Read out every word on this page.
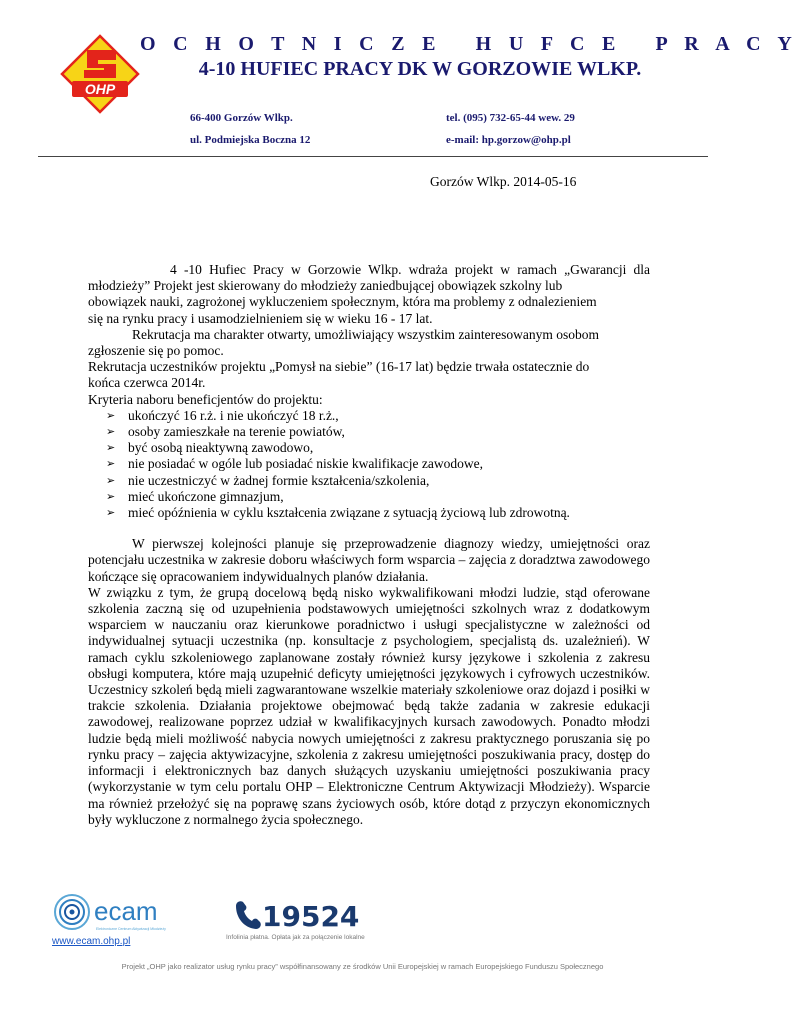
OHP
O C H O T N I C Z E   H U F C E   P R A C Y
4-10 HUFIEC PRACY DK W GORZOWIE WLKP.
66-400 Gorzów Wlkp.
ul. Podmiejska Boczna 12
tel. (095) 732-65-44 wew. 29
e-mail: hp.gorzow@ohp.pl
Gorzów Wlkp. 2014-05-16

4 -10 Hufiec Pracy w Gorzowie Wlkp. wdraża projekt w ramach „Gwarancji dla

młodzieży” Projekt jest skierowany do młodzieży zaniedbującej obowiązek szkolny lub

obowiązek nauki, zagrożonej wykluczeniem społecznym, która ma problemy z odnalezieniem

się na rynku pracy i usamodzielnieniem się w wieku 16 - 17 lat.

Rekrutacja ma charakter otwarty, umożliwiający wszystkim zainteresowanym osobom

zgłoszenie się po pomoc.

Rekrutacja uczestników projektu „Pomysł na siebie” (16-17 lat) będzie trwała ostatecznie do

końca czerwca 2014r.

Kryteria naboru beneficjentów do projektu:

➢ ukończyć 16 r.ż. i nie ukończyć 18 r.ż.,
➢ osoby zamieszkałe na terenie powiatów,
➢ być osobą nieaktywną zawodowo,
➢ nie posiadać w ogóle lub posiadać niskie kwalifikacje zawodowe,
➢ nie uczestniczyć w żadnej formie kształcenia/szkolenia,
➢ mieć ukończone gimnazjum,
➢ mieć opóźnienia w cyklu kształcenia związane z sytuacją życiową lub zdrowotną.

W pierwszej kolejności planuje się przeprowadzenie diagnozy wiedzy, umiejętności oraz potencjału uczestnika w zakresie doboru właściwych form wsparcia – zajęcia z doradztwa zawodowego kończące się opracowaniem indywidualnych planów działania.

W związku z tym, że grupą docelową będą nisko wykwalifikowani młodzi ludzie, stąd oferowane szkolenia zaczną się od uzupełnienia podstawowych umiejętności szkolnych wraz z dodatkowym wsparciem w nauczaniu oraz kierunkowe poradnictwo i usługi specjalistyczne w zależności od indywidualnej sytuacji uczestnika (np. konsultacje z psychologiem, specjalistą ds. uzależnień). W ramach cyklu szkoleniowego zaplanowane zostały również kursy językowe i szkolenia z zakresu obsługi komputera, które mają uzupełnić deficyty umiejętności językowych i cyfrowych uczestników. Uczestnicy szkoleń będą mieli zagwarantowane wszelkie materiały szkoleniowe oraz dojazd i posiłki w trakcie szkolenia. Działania projektowe obejmować będą także zadania w zakresie edukacji zawodowej, realizowane poprzez udział w kwalifikacyjnych kursach zawodowych. Ponadto młodzi ludzie będą mieli możliwość nabycia nowych umiejętności z zakresu praktycznego poruszania się po rynku pracy – zajęcia aktywizacyjne, szkolenia z zakresu umiejętności poszukiwania pracy, dostęp do informacji i elektronicznych baz danych służących uzyskaniu umiejętności poszukiwania pracy (wykorzystanie w tym celu portalu OHP – Elektroniczne Centrum Aktywizacji Młodzieży). Wsparcie ma również przełożyć się na poprawę szans życiowych osób, które dotąd z przyczyn ekonomicznych były wykluczone z normalnego życia społecznego.

ecam
Elektroniczne Centrum Aktywizacji Młodzieży
www.ecam.ohp.pl
19524
Infolinia płatna. Opłata jak za połączenie lokalne
Projekt „OHP jako realizator usług rynku pracy” współfinansowany ze środków Unii Europejskiej w ramach Europejskiego Funduszu Społecznego
